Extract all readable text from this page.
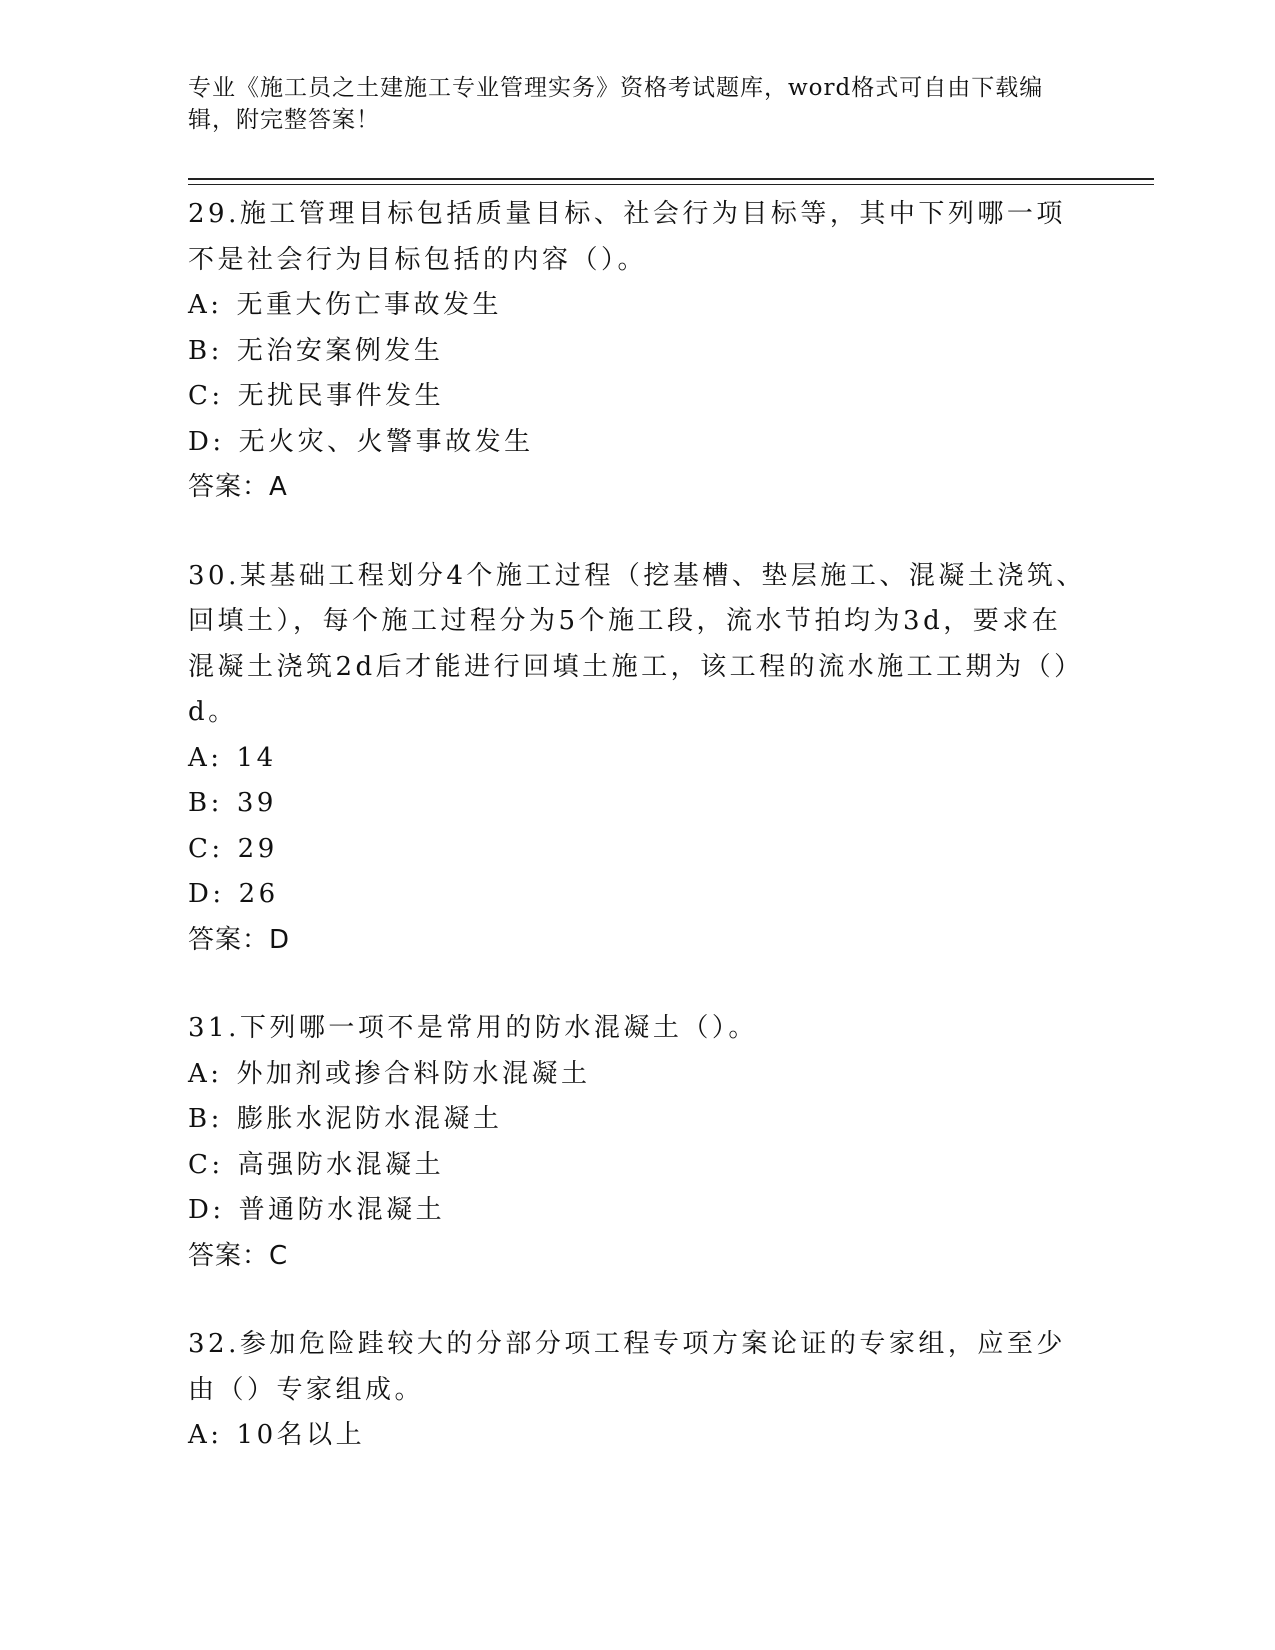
专业《施工员之土建施工专业管理实务》资格考试题库，word格式可自由下载编辑，附完整答案！

29.施工管理目标包括质量目标、社会行为目标等，其中下列哪一项不是社会行为目标包括的内容（）。

A: 无重大伤亡事故发生

B: 无治安案例发生

C: 无扰民事件发生

D: 无火灾、火警事故发生

答案：A

30.某基础工程划分4个施工过程（挖基槽、垫层施工、混凝土浇筑、回填土），每个施工过程分为5个施工段，流水节拍均为3d，要求在混凝土浇筑2d后才能进行回填土施工，该工程的流水施工工期为（）d。

A: 14

B: 39

C: 29

D: 26

答案：D

31.下列哪一项不是常用的防水混凝土（）。

A: 外加剂或掺合料防水混凝土

B: 膨胀水泥防水混凝土

C: 高强防水混凝土

D: 普通防水混凝土

答案：C

32.参加危险跬较大的分部分项工程专项方案论证的专家组，应至少由（）专家组成。

A: 10名以上
